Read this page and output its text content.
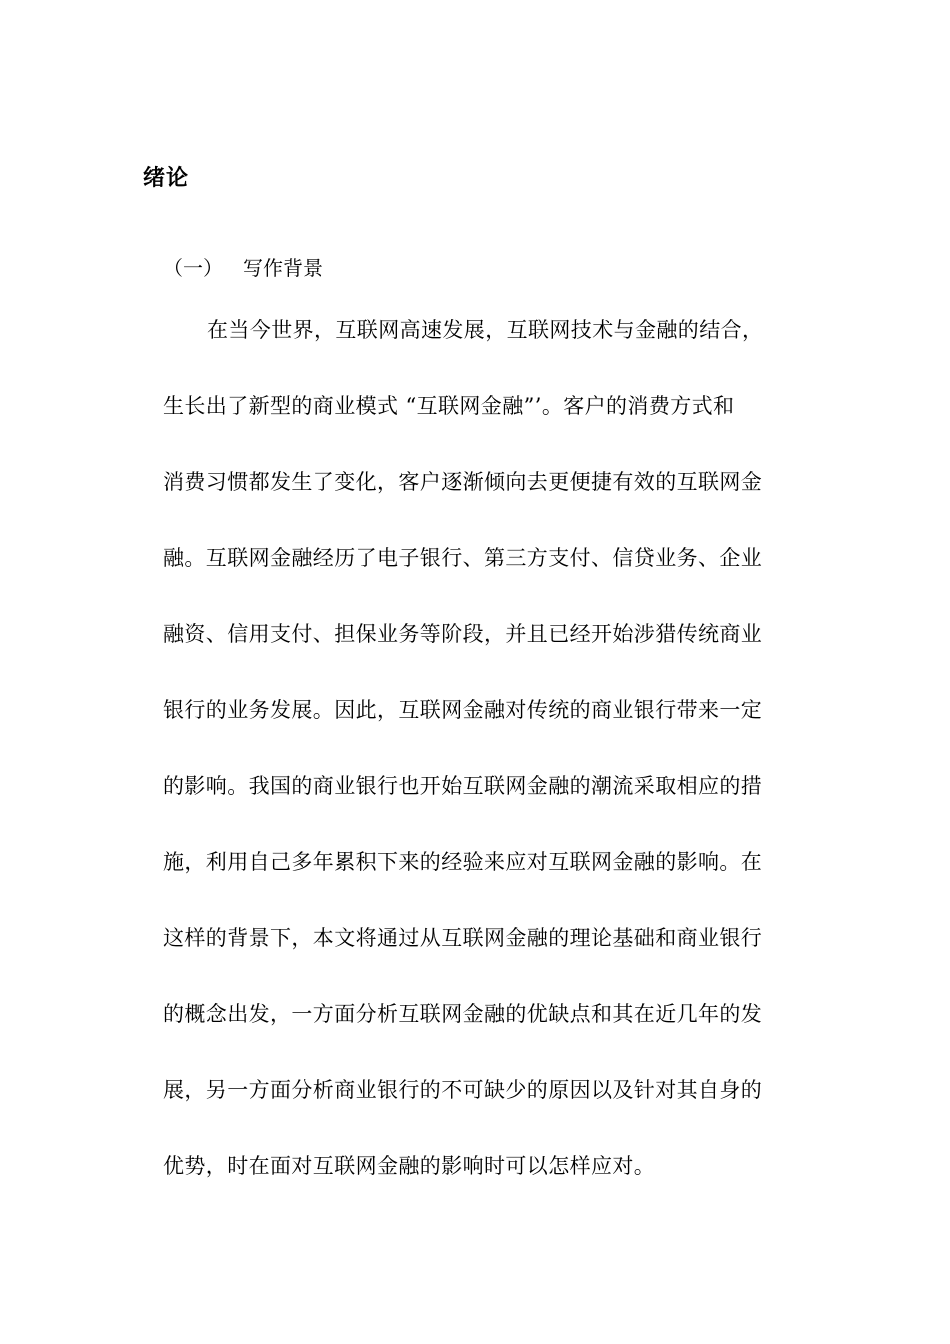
绪论
（一） 写作背景
在当今世界，互联网高速发展，互联网技术与金融的结合，
生长出了新型的商业模式 “互联网金融”’。客户的消费方式和
消费习惯都发生了变化，客户逐渐倾向去更便捷有效的互联网金
融。互联网金融经历了电子银行、第三方支付、信贷业务、企业
融资、信用支付、担保业务等阶段，并且已经开始涉猎传统商业
银行的业务发展。因此，互联网金融对传统的商业银行带来一定
的影响。我国的商业银行也开始互联网金融的潮流采取相应的措
施，利用自己多年累积下来的经验来应对互联网金融的影响。在
这样的背景下，本文将通过从互联网金融的理论基础和商业银行
的概念出发，一方面分析互联网金融的优缺点和其在近几年的发
展，另一方面分析商业银行的不可缺少的原因以及针对其自身的
优势，时在面对互联网金融的影响时可以怎样应对。
